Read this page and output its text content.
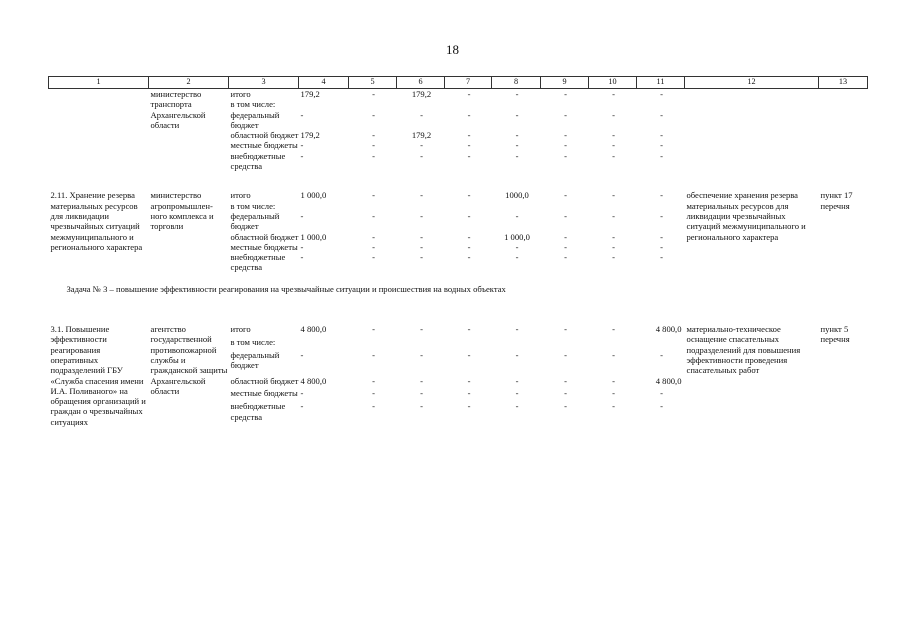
18
1	2	3	4	5	6	7	8	9	10	11	12	13
	министерство транспорта Архангельской области	итого	179,2	-	179,2	-	-	-	-	-		
		в том числе:										
		федеральный бюджет	-	-	-	-	-	-	-	-		
		областной бюджет	179,2	-	179,2	-	-	-	-	-		
		местные бюджеты	-	-	-	-	-	-	-	-		
		внебюджетные средства	-	-	-	-	-	-	-	-		

2.11. Хранение резерва материальных ресурсов для ликвидации чрезвычайных ситуаций межмуниципального и регионального характера	министерство агропромышлен-ного комплекса и торговли	итого	1 000,0	-	-	-	1000,0	-	-	-	обеспечение хранения резерва материальных ресурсов для ликвидации чрезвычайных ситуаций межмуниципального и регионального характера	пункт 17 перечня
		в том числе:										
		федеральный бюджет	-	-	-	-	-	-	-	-		
		областной бюджет	1 000,0	-	-	-	1 000,0	-	-	-		
		местные бюджеты	-	-	-	-	-	-	-	-		
		внебюджетные средства	-	-	-	-	-	-	-	-		
Задача № 3 – повышение эффективности реагирования на чрезвычайные ситуации и происшествия на водных объектах												

3.1. Повышение эффективности реагирования оперативных подразделений ГБУ «Служба спасения имени И.А. Поливаного» на обращения организаций и граждан о чрезвычайных ситуациях	агентство государственной противопожарной службы и гражданской защиты Архангельской области	итого	4 800,0	-	-	-	-	-	-	4 800,0	материально-техническое оснащение спасательных подразделений для повышения эффективности проведения спасательных работ	пункт 5 перечня
		в том числе:										
		федеральный бюджет	-	-	-	-	-	-	-	-		
		областной бюджет	4 800,0	-	-	-	-	-	-	4 800,0		
		местные бюджеты	-	-	-	-	-	-	-	-		
		внебюджетные средства	-	-	-	-	-	-	-	-		
